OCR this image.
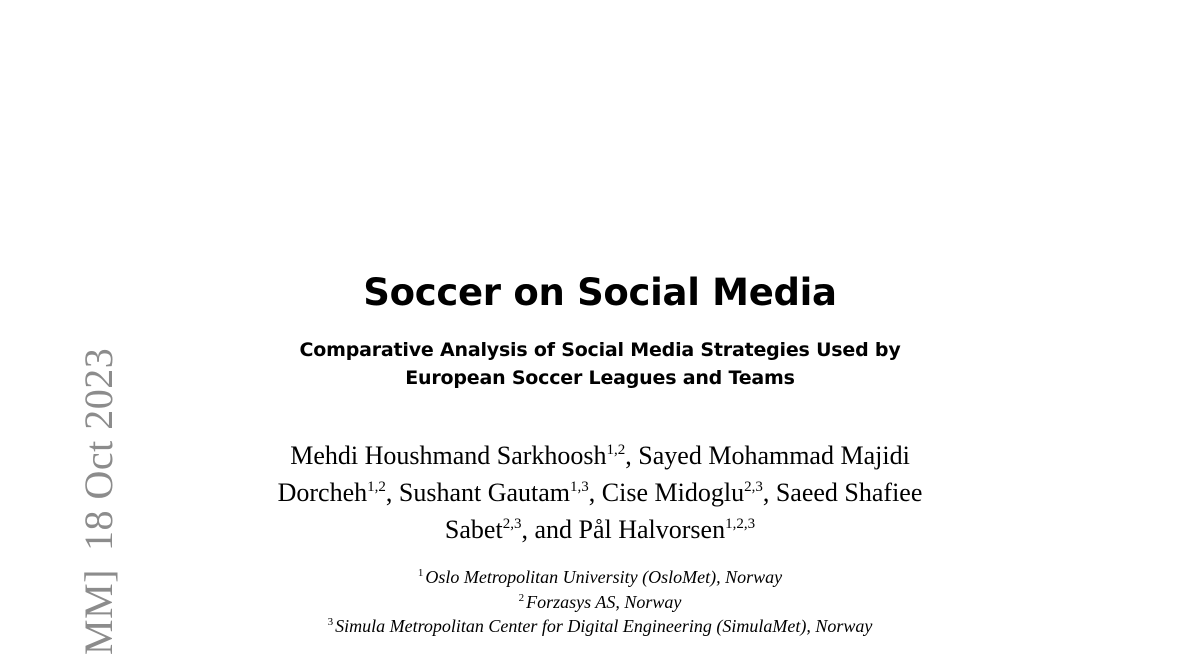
MM]18 Oct 2023
Soccer on Social Media
Comparative Analysis of Social Media Strategies Used by
European Soccer Leagues and Teams
Mehdi Houshmand Sarkhoosh$^{1,2}$, Sayed Mohammad Majidi
Dorcheh$^{1,2}$, Sushant Gautam$^{1,3}$, Cise Midoglu$^{2,3}$, Saeed Shafiee
Sabet$^{2,3}$, and Pål Halvorsen$^{1,2,3}$
$^1$ Oslo Metropolitan University (OsloMet), Norway
$^2$ Forzasys AS, Norway
$^3$ Simula Metropolitan Center for Digital Engineering (SimulaMet), Norway
